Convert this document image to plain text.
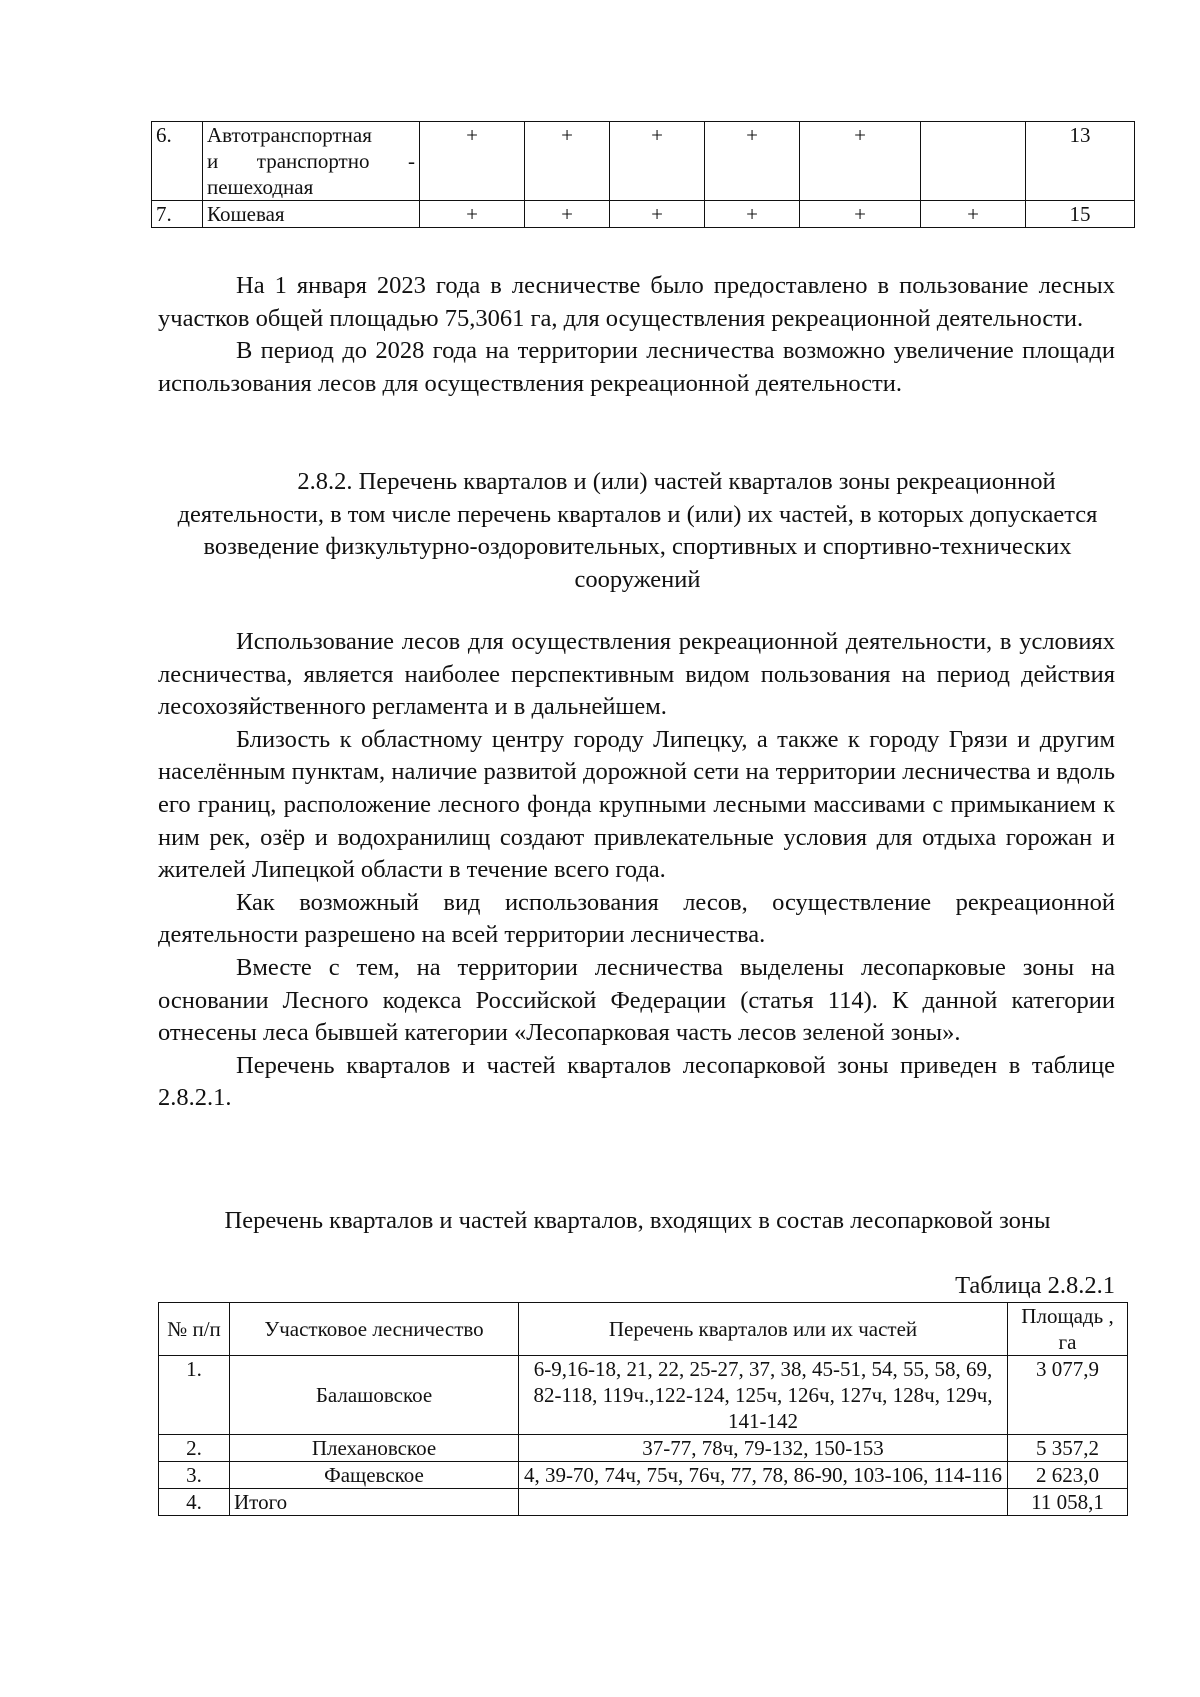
6.	Автотранспортная
и транспортно -
пешеходная	+	+	+	+	+		13
7.	Кошевая	+	+	+	+	+	+	15

На 1 января 2023 года в лесничестве было предоставлено в пользование лесных участков общей площадью 75,3061 га, для осуществления рекреационной деятельности.

В период до 2028 года на территории лесничества возможно увеличение площади использования лесов для осуществления рекреационной деятельности.

2.8.2. Перечень кварталов и (или) частей кварталов зоны рекреационной деятельности, в том числе перечень кварталов и (или) их частей, в которых допускается возведение физкультурно-оздоровительных, спортивных и спортивно-технических сооружений

Использование лесов для осуществления рекреационной деятельности, в условиях лесничества, является наиболее перспективным видом пользования на период действия лесохозяйственного регламента и в дальнейшем.

Близость к областному центру городу Липецку, а также к городу Грязи и другим населённым пунктам, наличие развитой дорожной сети на территории лесничества и вдоль его границ, расположение лесного фонда крупными лесными массивами с примыканием к ним рек, озёр и водохранилищ создают привлекательные условия для отдыха горожан и жителей Липецкой области в течение всего года.

Как возможный вид использования лесов, осуществление рекреационной деятельности разрешено на всей территории лесничества.

Вместе с тем, на территории лесничества выделены лесопарковые зоны на основании Лесного кодекса Российской Федерации (статья 114). К данной категории отнесены леса бывшей категории «Лесопарковая часть лесов зеленой зоны».

Перечень кварталов и частей кварталов лесопарковой зоны приведен в таблице 2.8.2.1.

Перечень кварталов и частей кварталов, входящих в состав лесопарковой зоны
Таблица 2.8.2.1
№ п/п	Участковое лесничество	Перечень кварталов или их частей	Площадь , га
1.	Балашовское	6-9,16-18, 21, 22, 25-27, 37, 38, 45-51, 54, 55, 58, 69, 82-118, 119ч.,122-124, 125ч, 126ч, 127ч, 128ч, 129ч, 141-142	3 077,9
2.	Плехановское	37-77, 78ч, 79-132, 150-153	5 357,2
3.	Фащевское	4, 39-70, 74ч, 75ч, 76ч, 77, 78, 86-90, 103-106, 114-116	2 623,0
4.	Итого		11 058,1
